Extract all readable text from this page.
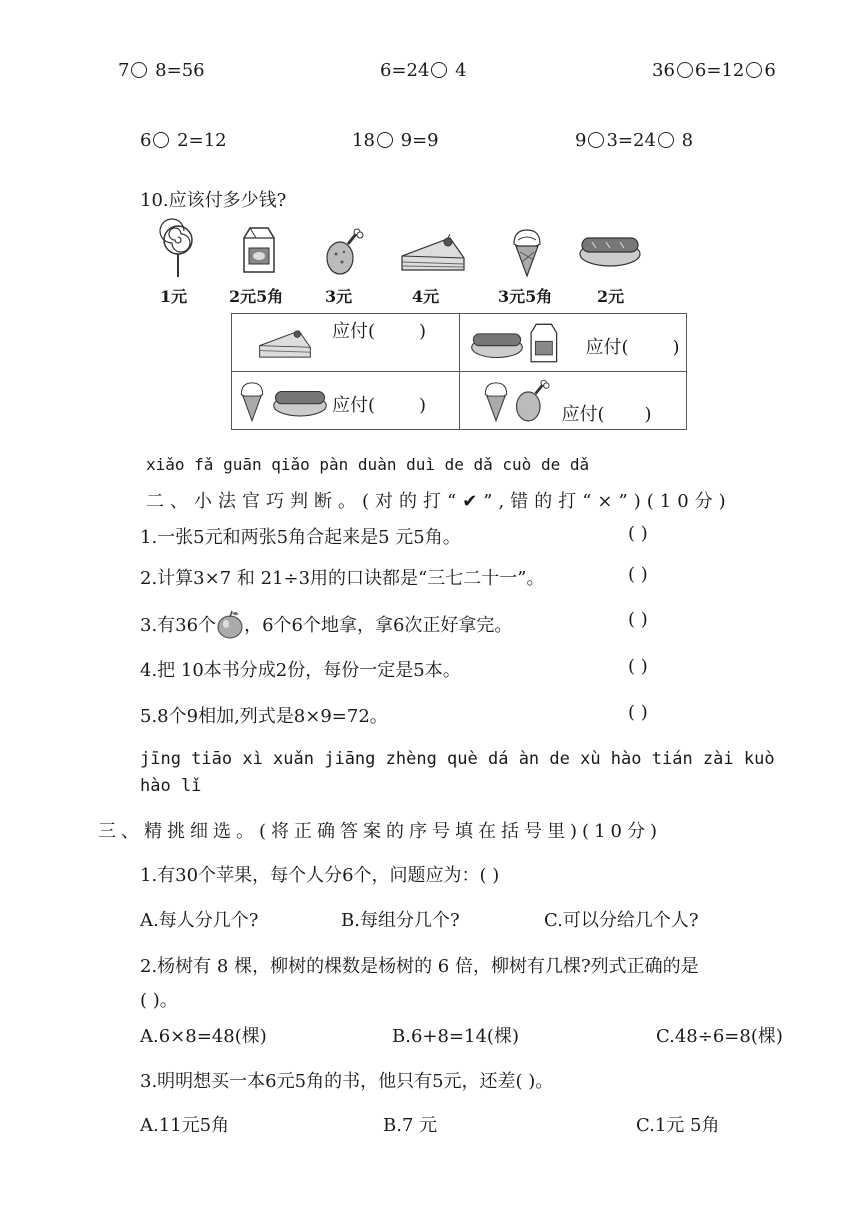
7 8=56	6=24 4	36 6=12 6
6 2=12	18 9=9	9 3=24 8
10.应该付多少钱?
1元	2元5角	3元	4元	3元5角	2元
应付( )	应付( )

应付( )	应付( )
xiǎo fǎ guān qiǎo pàn duàn duì de dǎ cuò de dǎ
二、小法官巧判断。(对的打“✔”,错的打“×”)(10分)
1.一张5元和两张5角合起来是5 元5角。
2.计算3×7 和 21÷3用的口诀都是“三七二十一”。
3.有36个 ，6个6个地拿，拿6次正好拿完。
4.把 10本书分成2份，每份一定是5本。
5.8个9相加,列式是8×9=72。
( )
( )
( )
( )
( )
jīng tiāo xì xuǎn jiāng zhèng què dá àn de xù hào tián zài kuò
hào lǐ
三、精挑细选。(将正确答案的序号填在括号里)(10分)
1.有30个苹果，每个人分6个，问题应为：( )
A.每人分几个?	B.每组分几个?	C.可以分给几个人?
2.杨树有 8 棵，柳树的棵数是杨树的 6 倍，柳树有几棵?列式正确的是
( )。
A.6×8=48(棵)	B.6+8=14(棵)	C.48÷6=8(棵)
3.明明想买一本6元5角的书，他只有5元，还差( )。
A.11元5角	B.7 元	C.1元 5角
